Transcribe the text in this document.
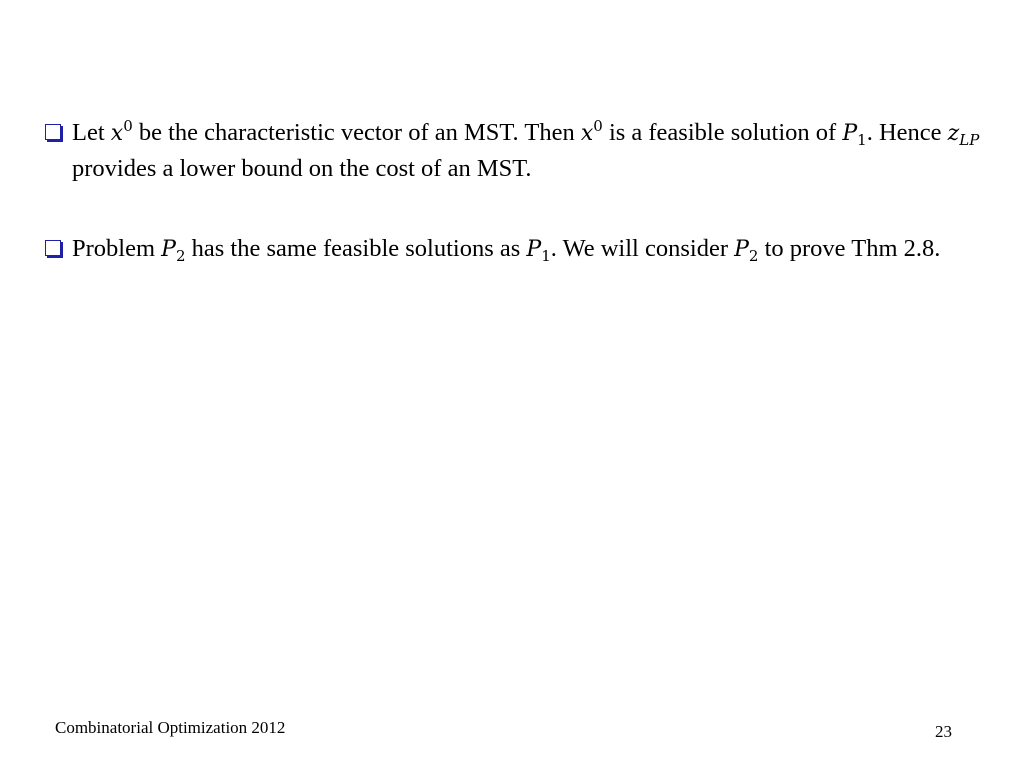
Let $x^0$ be the characteristic vector of an MST. Then $x^0$ is a feasible solution of $P_1$. Hence $z_{LP}$ provides a lower bound on the cost of an MST.
Problem $P_2$ has the same feasible solutions as $P_1$. We will consider $P_2$ to prove Thm 2.8.
Combinatorial Optimization 2012	23
